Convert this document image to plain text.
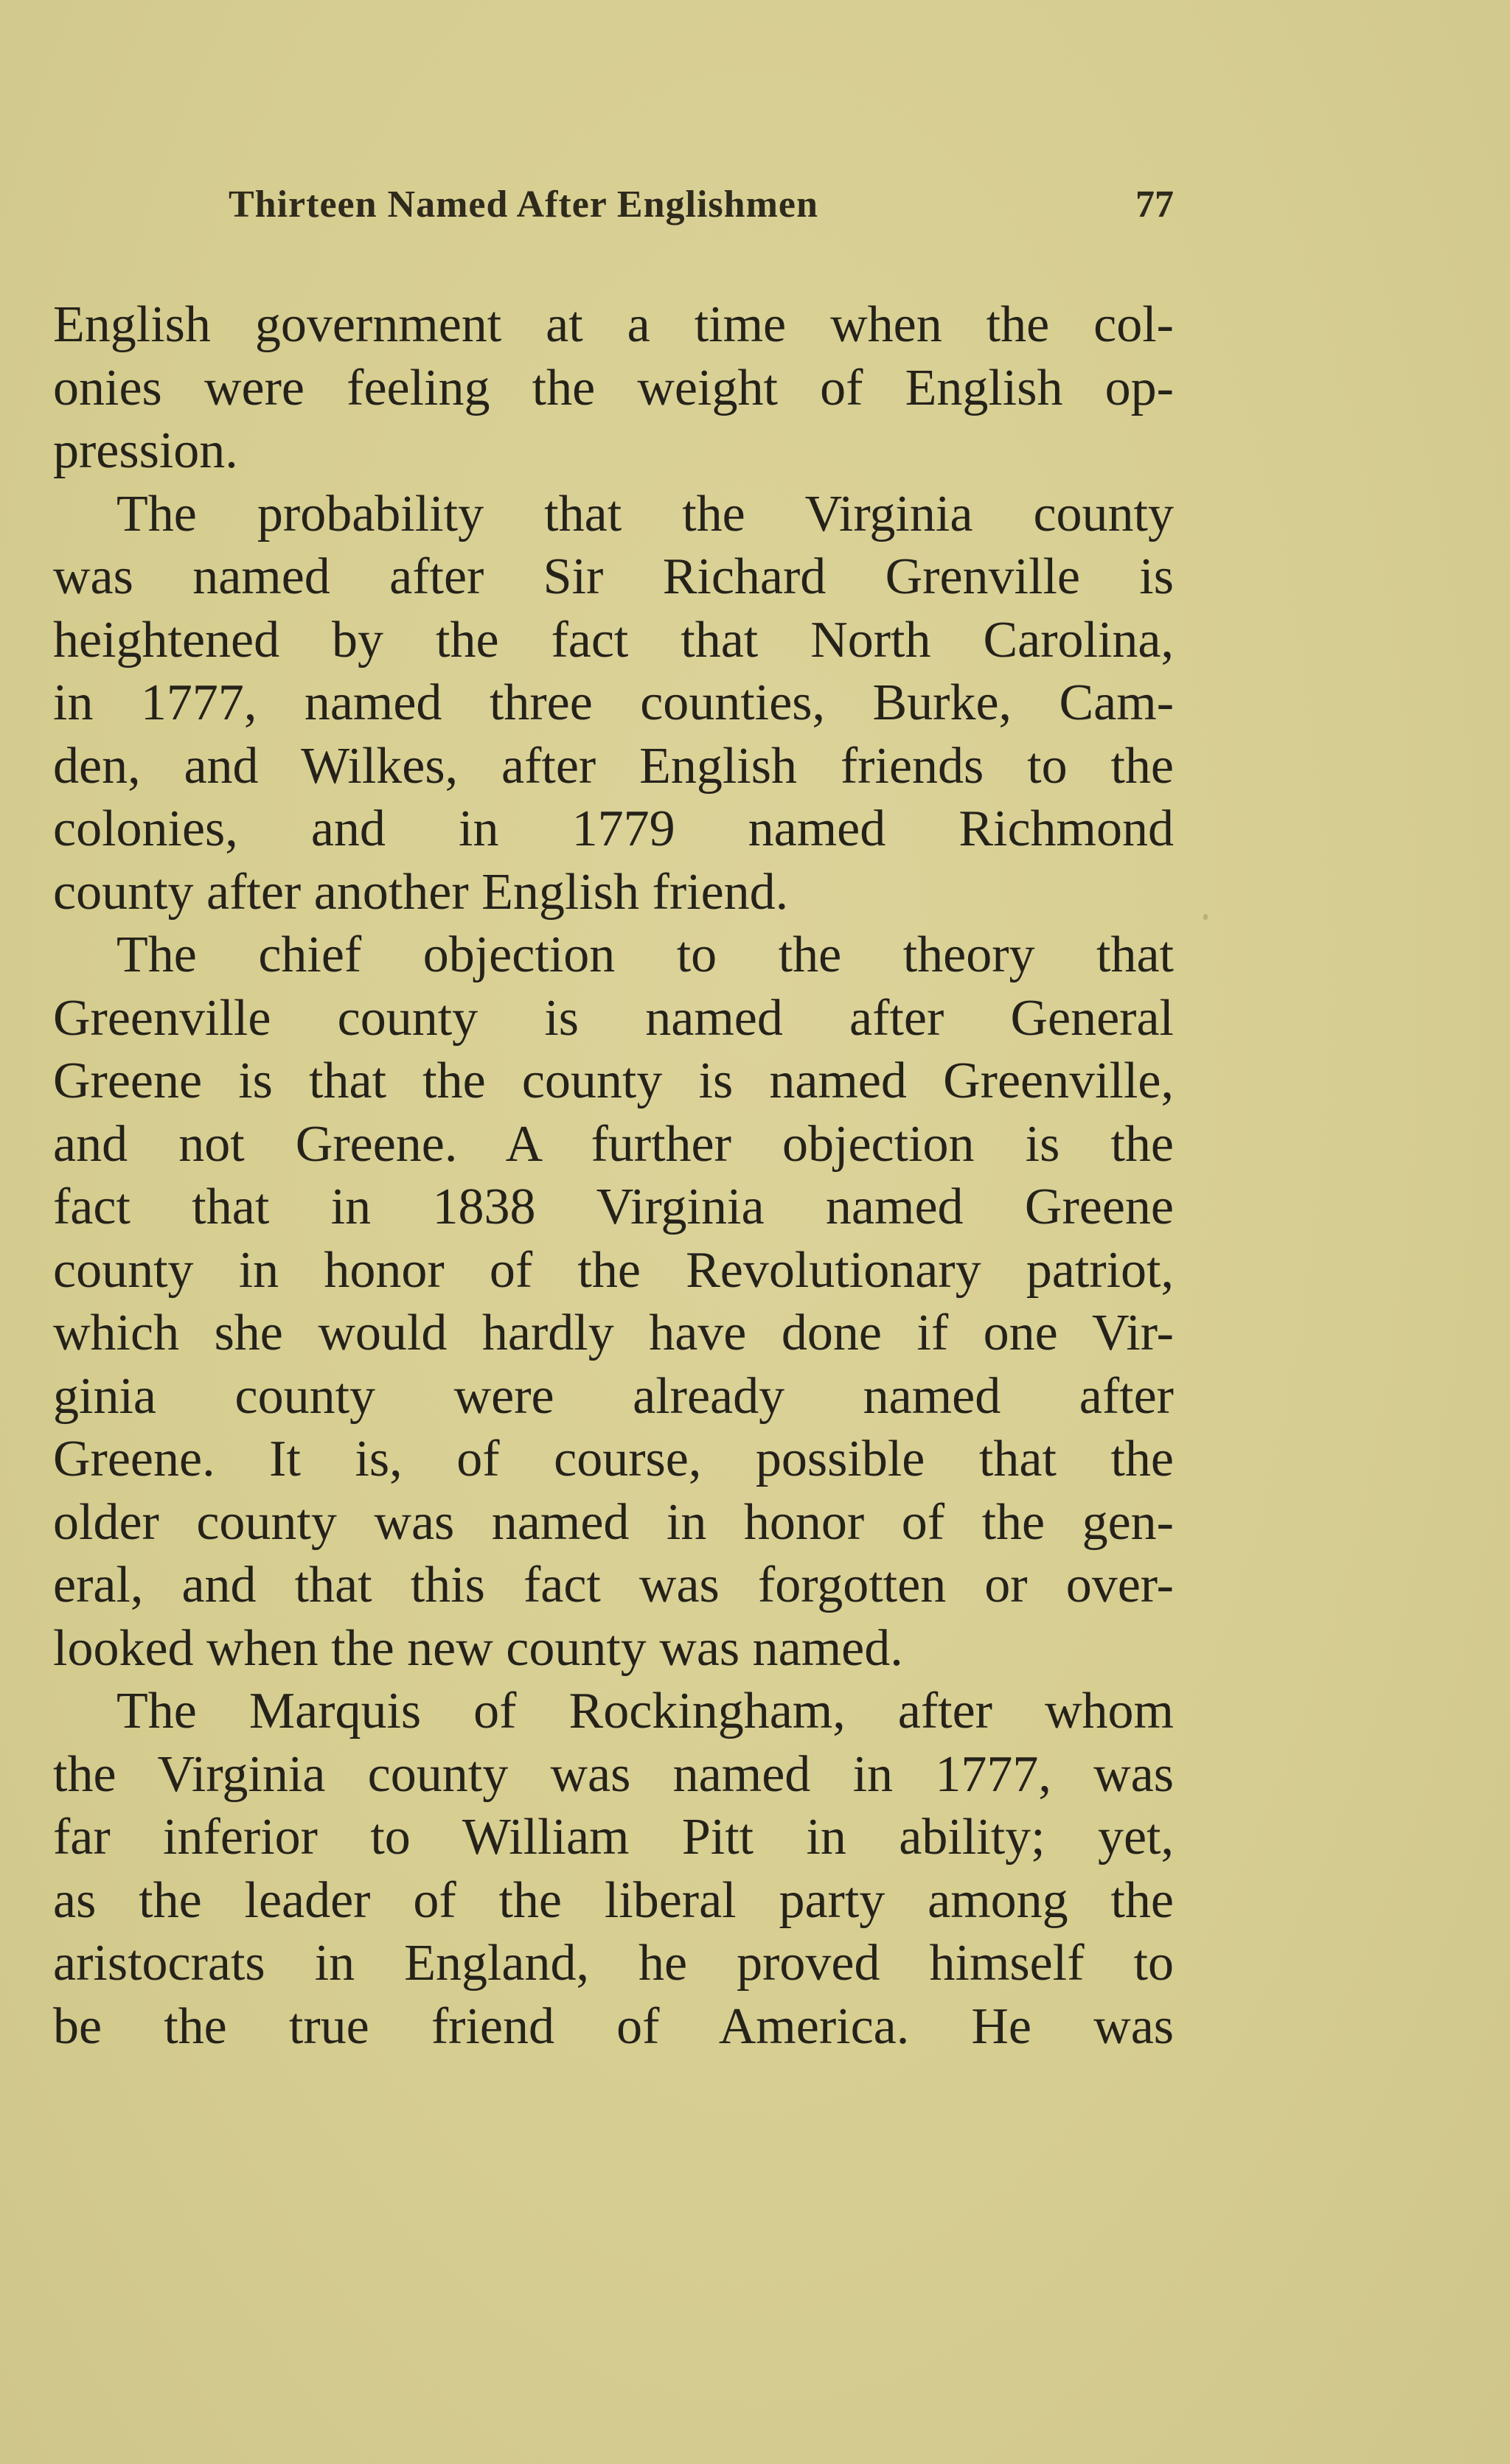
Thirteen Named After Englishmen	77
English government at a time when the col-
onies were feeling the weight of English op-
pression.
The probability that the Virginia county
was named after Sir Richard Grenville is
heightened by the fact that North Carolina,
in 1777, named three counties, Burke, Cam-
den, and Wilkes, after English friends to the
colonies, and in 1779 named Richmond
county after another English friend.
The chief objection to the theory that
Greenville county is named after General
Greene is that the county is named Greenville,
and not Greene. A further objection is the
fact that in 1838 Virginia named Greene
county in honor of the Revolutionary patriot,
which she would hardly have done if one Vir-
ginia county were already named after
Greene. It is, of course, possible that the
older county was named in honor of the gen-
eral, and that this fact was forgotten or over-
looked when the new county was named.
The Marquis of Rockingham, after whom
the Virginia county was named in 1777, was
far inferior to William Pitt in ability; yet,
as the leader of the liberal party among the
aristocrats in England, he proved himself to
be the true friend of America. He was
